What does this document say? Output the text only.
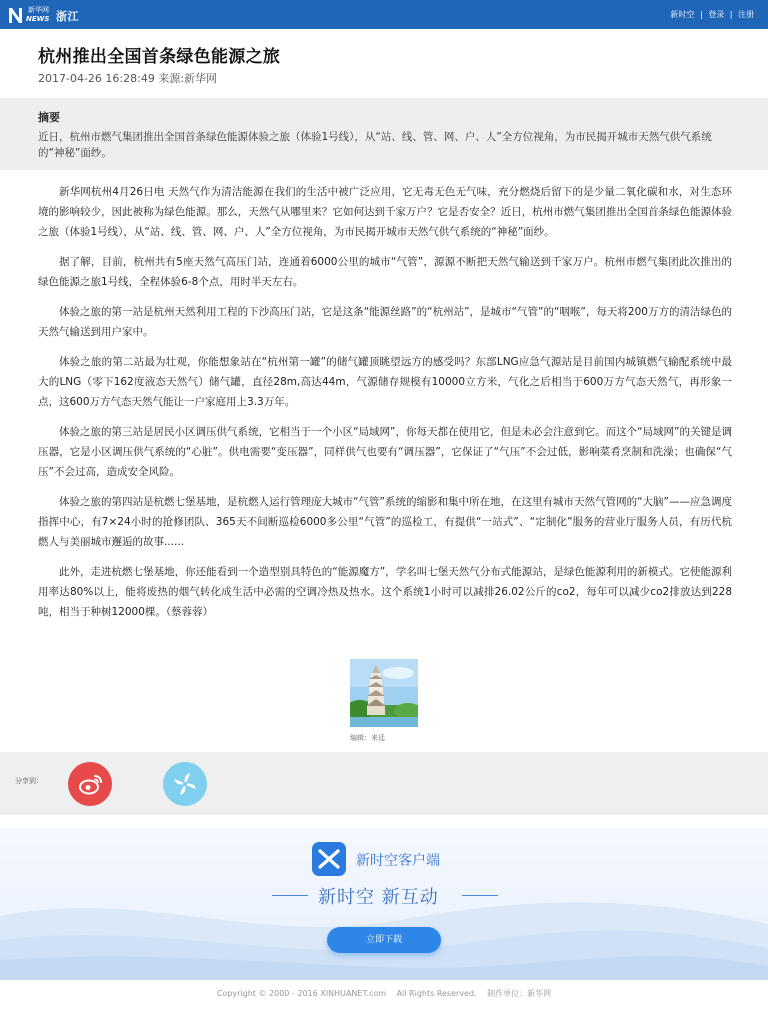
新华网
NEWS 浙江	新时空 | 登录 | 注册
杭州推出全国首条绿色能源之旅
2017-04-26 16:28:49 来源:新华网
摘要
近日，杭州市燃气集团推出全国首条绿色能源体验之旅（体验1号线），从“站、线、管、网、户、人”全方位视角，为市民揭开城市天然气供气系统的“神秘”面纱。

新华网杭州4月26日电 天然气作为清洁能源在我们的生活中被广泛应用，它无毒无色无气味，充分燃烧后留下的是少量二氧化碳和水，对生态环境的影响较少，因此被称为绿色能源。那么，天然气从哪里来？它如何达到千家万户？它是否安全？近日，杭州市燃气集团推出全国首条绿色能源体验之旅（体验1号线），从“站、线、管、网、户、人”全方位视角，为市民揭开城市天然气供气系统的“神秘”面纱。

据了解，目前，杭州共有5座天然气高压门站，连通着6000公里的城市“气管”，源源不断把天然气输送到千家万户。杭州市燃气集团此次推出的绿色能源之旅1号线，全程体验6-8个点，用时半天左右。

体验之旅的第一站是杭州天然利用工程的下沙高压门站，它是这条“能源丝路”的“杭州站”，是城市“气管”的“咽喉”，每天将200万方的清洁绿色的天然气输送到用户家中。

体验之旅的第二站最为壮观，你能想象站在“杭州第一罐”的储气罐顶眺望远方的感受吗？东部LNG应急气源站是目前国内城镇燃气输配系统中最大的LNG（零下162度液态天然气）储气罐，直径28m,高达44m，气源储存规模有10000立方米，气化之后相当于600万方气态天然气，再形象一点，这600万方气态天然气能让一户家庭用上3.3万年。

体验之旅的第三站是居民小区调压供气系统，它相当于一个小区“局域网”，你每天都在使用它，但是未必会注意到它。而这个“局域网”的关键是调压器，它是小区调压供气系统的“心脏”。供电需要“变压器”，同样供气也要有“调压器”，它保证了“气压”不会过低，影响菜肴烹制和洗澡；也确保“气压”不会过高，造成安全风险。

体验之旅的第四站是杭燃七堡基地，是杭燃人运行管理庞大城市“气管”系统的缩影和集中所在地，在这里有城市天然气管网的“大脑”——应急调度指挥中心，有7×24小时的抢修团队、365天不间断巡检6000多公里“气管”的巡检工，有提供“一站式”、“定制化”服务的营业厅服务人员，有历代杭燃人与美丽城市邂逅的故事......

此外，走进杭燃七堡基地，你还能看到一个造型别具特色的“能源魔方”，学名叫七堡天然气分布式能源站，是绿色能源利用的新模式。它使能源利用率达80%以上，能将废热的烟气转化成生活中必需的空调冷热及热水。这个系统1小时可以减排26.02公斤的co2，每年可以减少co2排放达到228吨，相当于种树12000棵。（蔡蓉蓉）

编辑：来廷
分享到：
新时空客户端
新时空 新互动
立即下载
Copyright © 2000 - 2016 XINHUANET.com All Rights Reserved. 制作单位：新华网
